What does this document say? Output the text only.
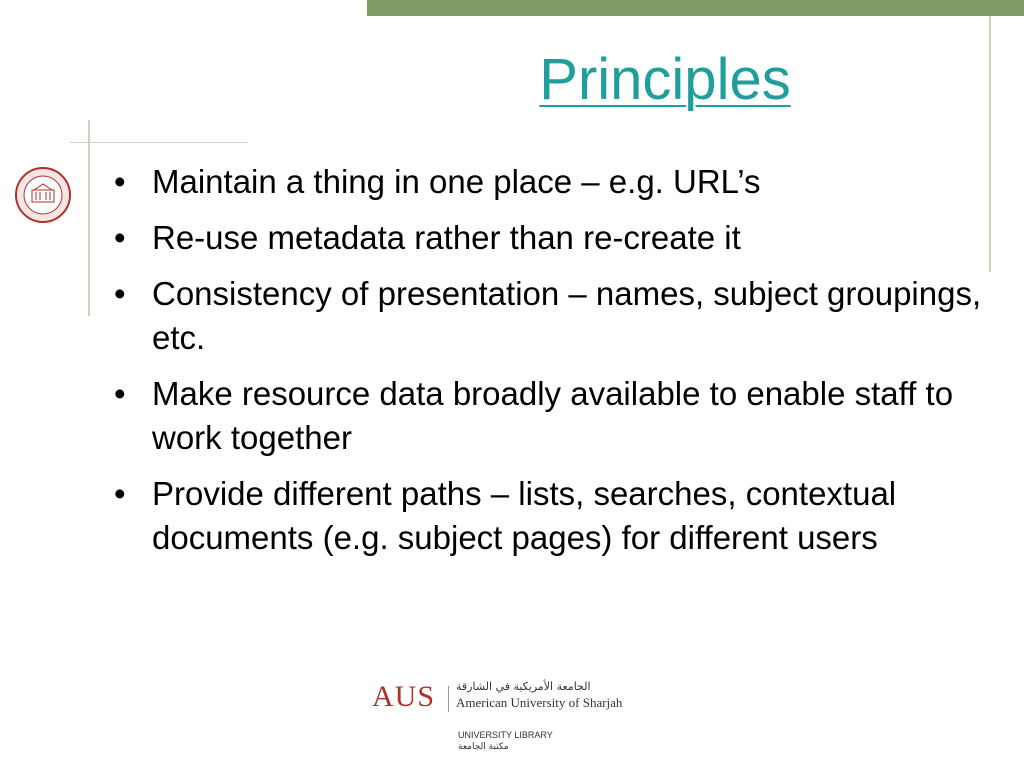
Principles
• Maintain a thing in one place – e.g. URL’s
• Re-use metadata rather than re-create it
• Consistency of presentation – names, subject groupings, etc.
• Make resource data broadly available to enable staff to work together
• Provide different paths – lists, searches, contextual documents (e.g. subject pages) for different users
AUS الجامعة الأمريكية في الشارقة
American University of Sharjah
UNIVERSITY LIBRARY
مكتبة الجامعة
